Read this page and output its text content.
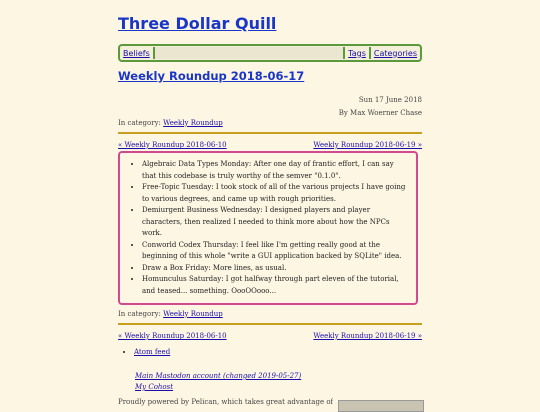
Three Dollar Quill
Beliefs	Tags	Categories
Weekly Roundup 2018-06-17
Sun 17 June 2018
By Max Woerner Chase
In category: Weekly Roundup
« Weekly Roundup 2018-06-10	Weekly Roundup 2018-06-19 »
• Algebraic Data Types Monday: After one day of frantic effort, I can say that this codebase is truly worthy of the semver "0.1.0".
• Free-Topic Tuesday: I took stock of all of the various projects I have going to various degrees, and came up with rough priorities.
• Demiurgent Business Wednesday: I designed players and player characters, then realized I needed to think more about how the NPCs work.
• Conworld Codex Thursday: I feel like I'm getting really good at the beginning of this whole "write a GUI application backed by SQLite" idea.
• Draw a Box Friday: More lines, as usual.
• Homunculus Saturday: I got halfway through part eleven of the tutorial, and teased... something. OooOOooo...
In category: Weekly Roundup
« Weekly Roundup 2018-06-10	Weekly Roundup 2018-06-19 »
• Atom feed
Main Mastodon account (changed 2019-05-27)
My Cohost
Proudly powered by Pelican, which takes great advantage of
